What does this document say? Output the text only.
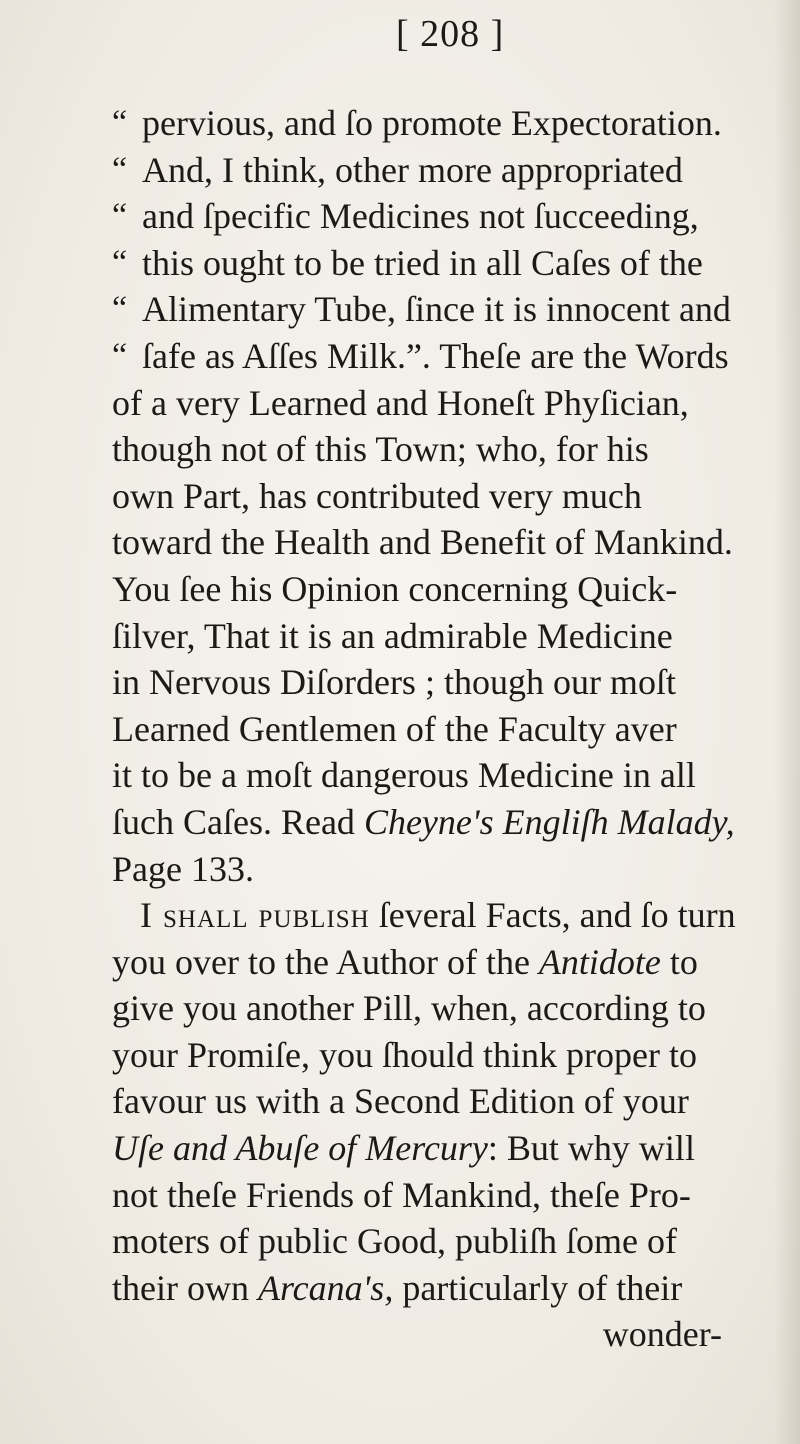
[ 208 ]
“ pervious, and ſo promote Expectoration.
“ And, I think, other more appropriated
“ and ſpecific Medicines not ſucceeding,
“ this ought to be tried in all Caſes of the
“ Alimentary Tube, ſince it is innocent and
“ ſafe as Aſſes Milk.”. Theſe are the Words
of a very Learned and Honeſt Phyſician,
though not of this Town; who, for his
own Part, has contributed very much
toward the Health and Benefit of Mankind.
You ſee his Opinion concerning Quick-
ſilver, That it is an admirable Medicine
in Nervous Diſorders ; though our moſt
Learned Gentlemen of the Faculty aver
it to be a moſt dangerous Medicine in all
ſuch Caſes. Read
Cheyne's Engliſh Malady,
Page 133.
I shall publiſh
ſeveral Facts, and ſo turn
you over to the Author of the
Antidote
to
give you another Pill, when, according to
your Promiſe, you ſhould think proper to
favour us with a Second Edition of your
Uſe and Abuſe of Mercury : But why will
not theſe Friends of Mankind, theſe Pro-
moters of public Good, publiſh ſome of
their own
Arcana's,
particularly of their
wonder-
